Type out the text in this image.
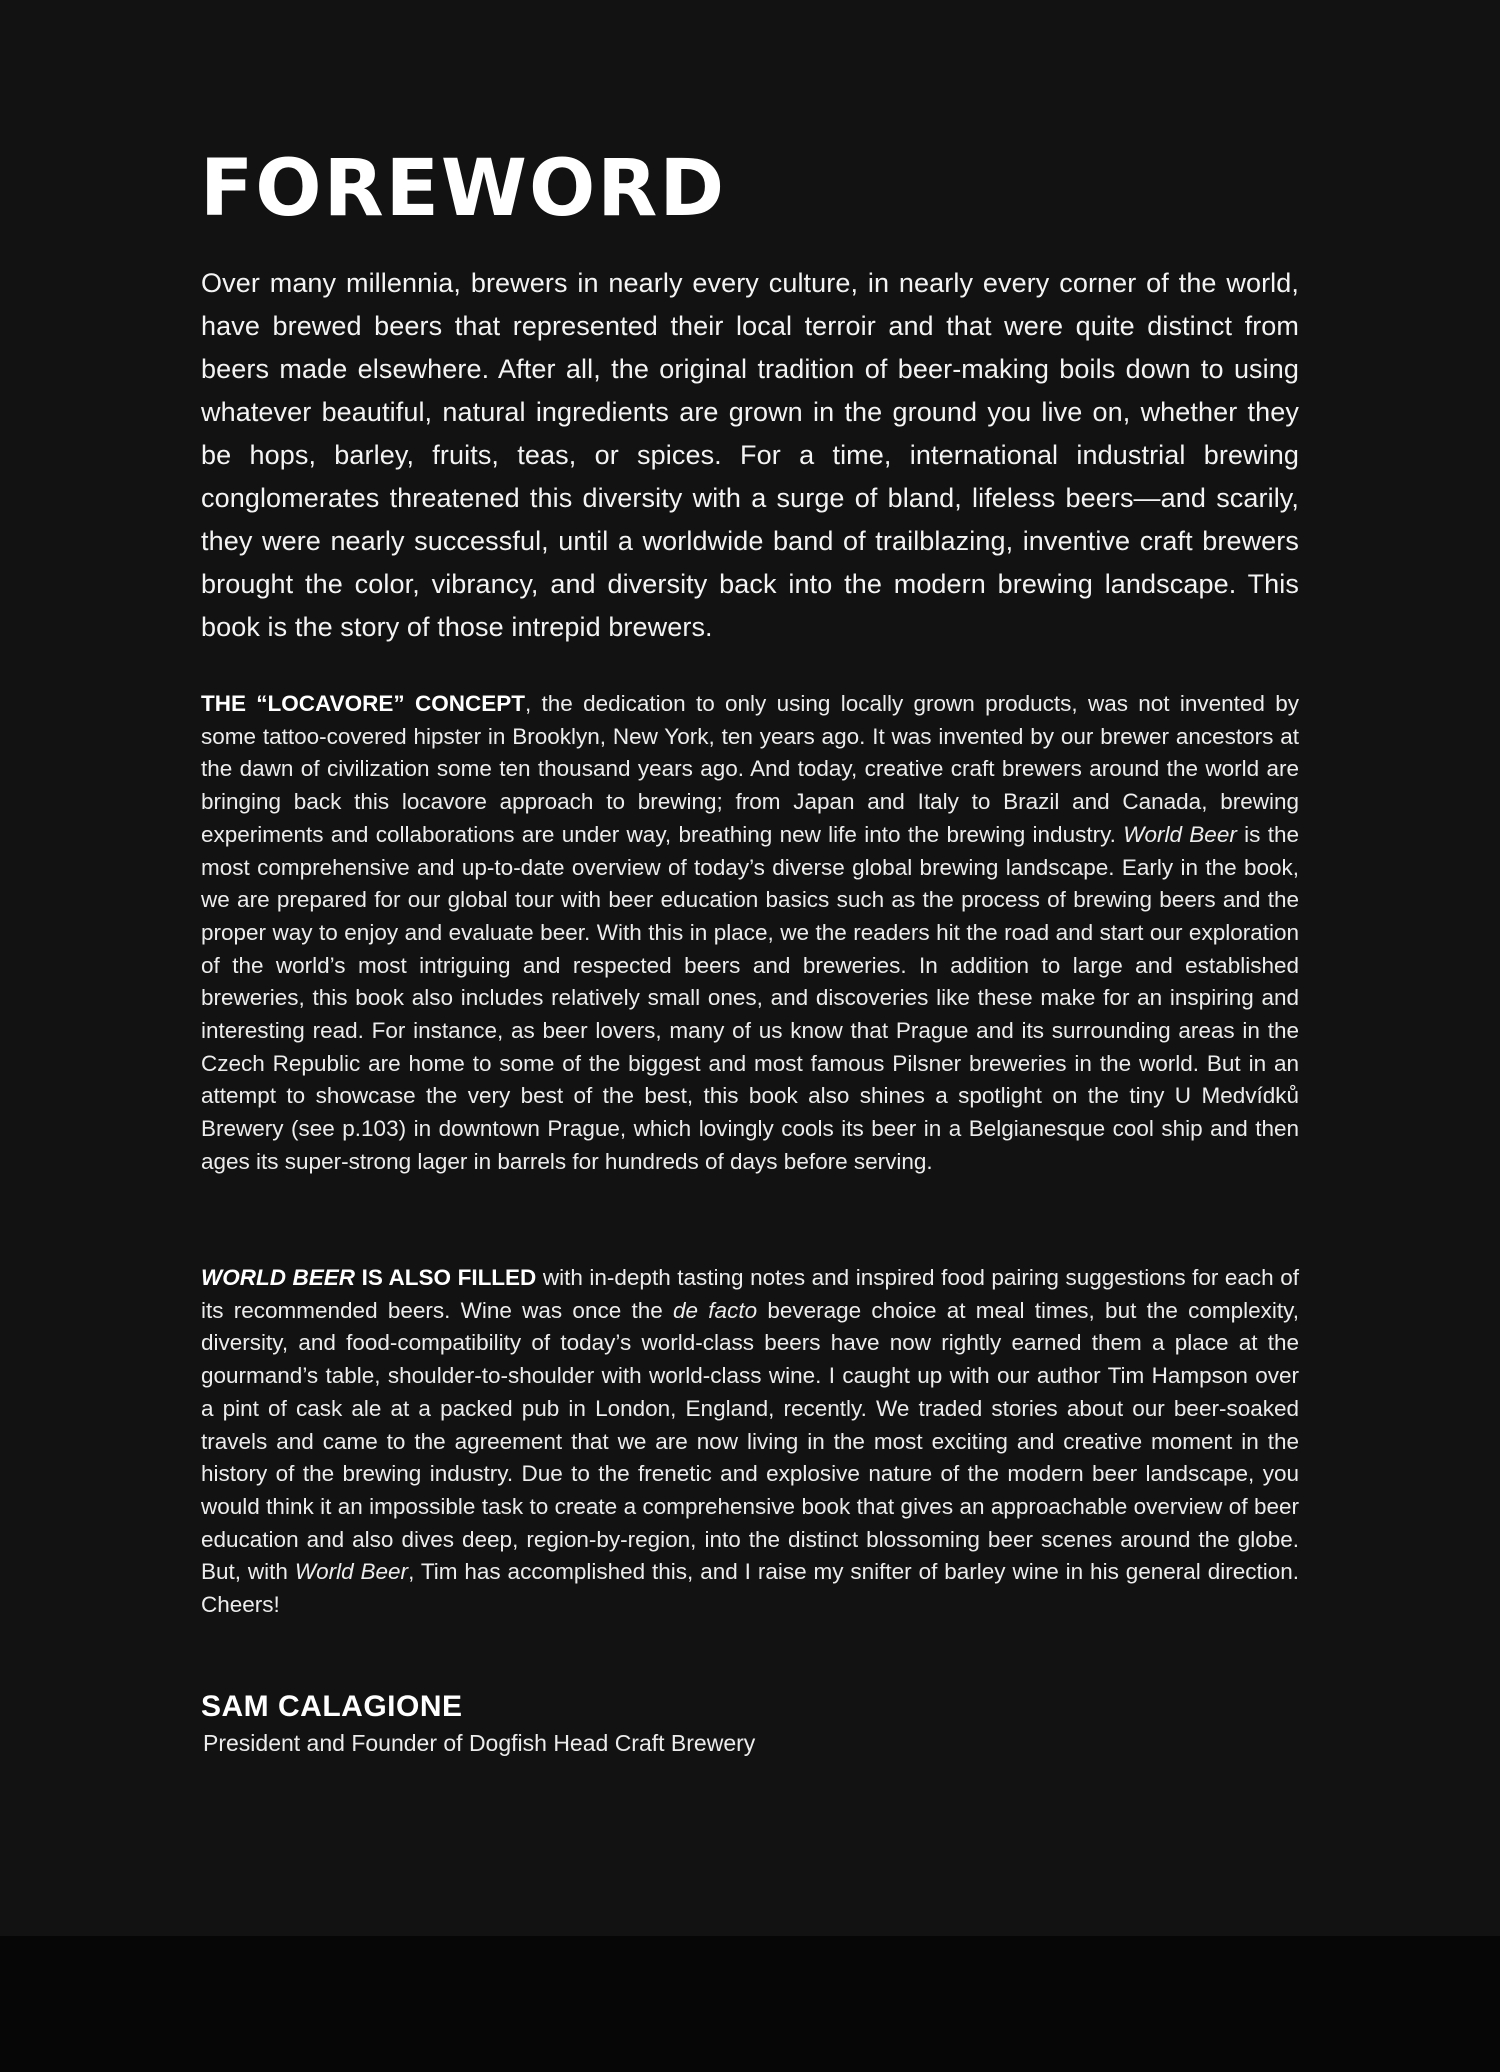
FOREWORD

Over many millennia, brewers in nearly every culture, in nearly every corner of the world, have brewed beers that represented their local terroir and that were quite distinct from beers made elsewhere. After all, the original tradition of beer-making boils down to using whatever beautiful, natural ingredients are grown in the ground you live on, whether they be hops, barley, fruits, teas, or spices. For a time, international industrial brewing conglomerates threatened this diversity with a surge of bland, lifeless beers—and scarily, they were nearly successful, until a worldwide band of trailblazing, inventive craft brewers brought the color, vibrancy, and diversity back into the modern brewing landscape. This book is the story of those intrepid brewers.

THE “LOCAVORE” CONCEPT, the dedication to only using locally grown products, was not invented by some tattoo-covered hipster in Brooklyn, New York, ten years ago. It was invented by our brewer ancestors at the dawn of civilization some ten thousand years ago. And today, creative craft brewers around the world are bringing back this locavore approach to brewing; from Japan and Italy to Brazil and Canada, brewing experiments and collaborations are under way, breathing new life into the brewing industry. World Beer is the most comprehensive and up-to-date overview of today’s diverse global brewing landscape. Early in the book, we are prepared for our global tour with beer education basics such as the process of brewing beers and the proper way to enjoy and evaluate beer. With this in place, we the readers hit the road and start our exploration of the world’s most intriguing and respected beers and breweries. In addition to large and established breweries, this book also includes relatively small ones, and discoveries like these make for an inspiring and interesting read. For instance, as beer lovers, many of us know that Prague and its surrounding areas in the Czech Republic are home to some of the biggest and most famous Pilsner breweries in the world. But in an attempt to showcase the very best of the best, this book also shines a spotlight on the tiny U Medvídků Brewery (see p.103) in downtown Prague, which lovingly cools its beer in a Belgianesque cool ship and then ages its super-strong lager in barrels for hundreds of days before serving.

WORLD BEER IS ALSO FILLED with in-depth tasting notes and inspired food pairing suggestions for each of its recommended beers. Wine was once the de facto beverage choice at meal times, but the complexity, diversity, and food-compatibility of today’s world-class beers have now rightly earned them a place at the gourmand’s table, shoulder-to-shoulder with world-class wine. I caught up with our author Tim Hampson over a pint of cask ale at a packed pub in London, England, recently. We traded stories about our beer-soaked travels and came to the agreement that we are now living in the most exciting and creative moment in the history of the brewing industry. Due to the frenetic and explosive nature of the modern beer landscape, you would think it an impossible task to create a comprehensive book that gives an approachable overview of beer education and also dives deep, region-by-region, into the distinct blossoming beer scenes around the globe. But, with World Beer, Tim has accomplished this, and I raise my snifter of barley wine in his general direction. Cheers!

SAM CALAGIONE

President and Founder of Dogfish Head Craft Brewery
